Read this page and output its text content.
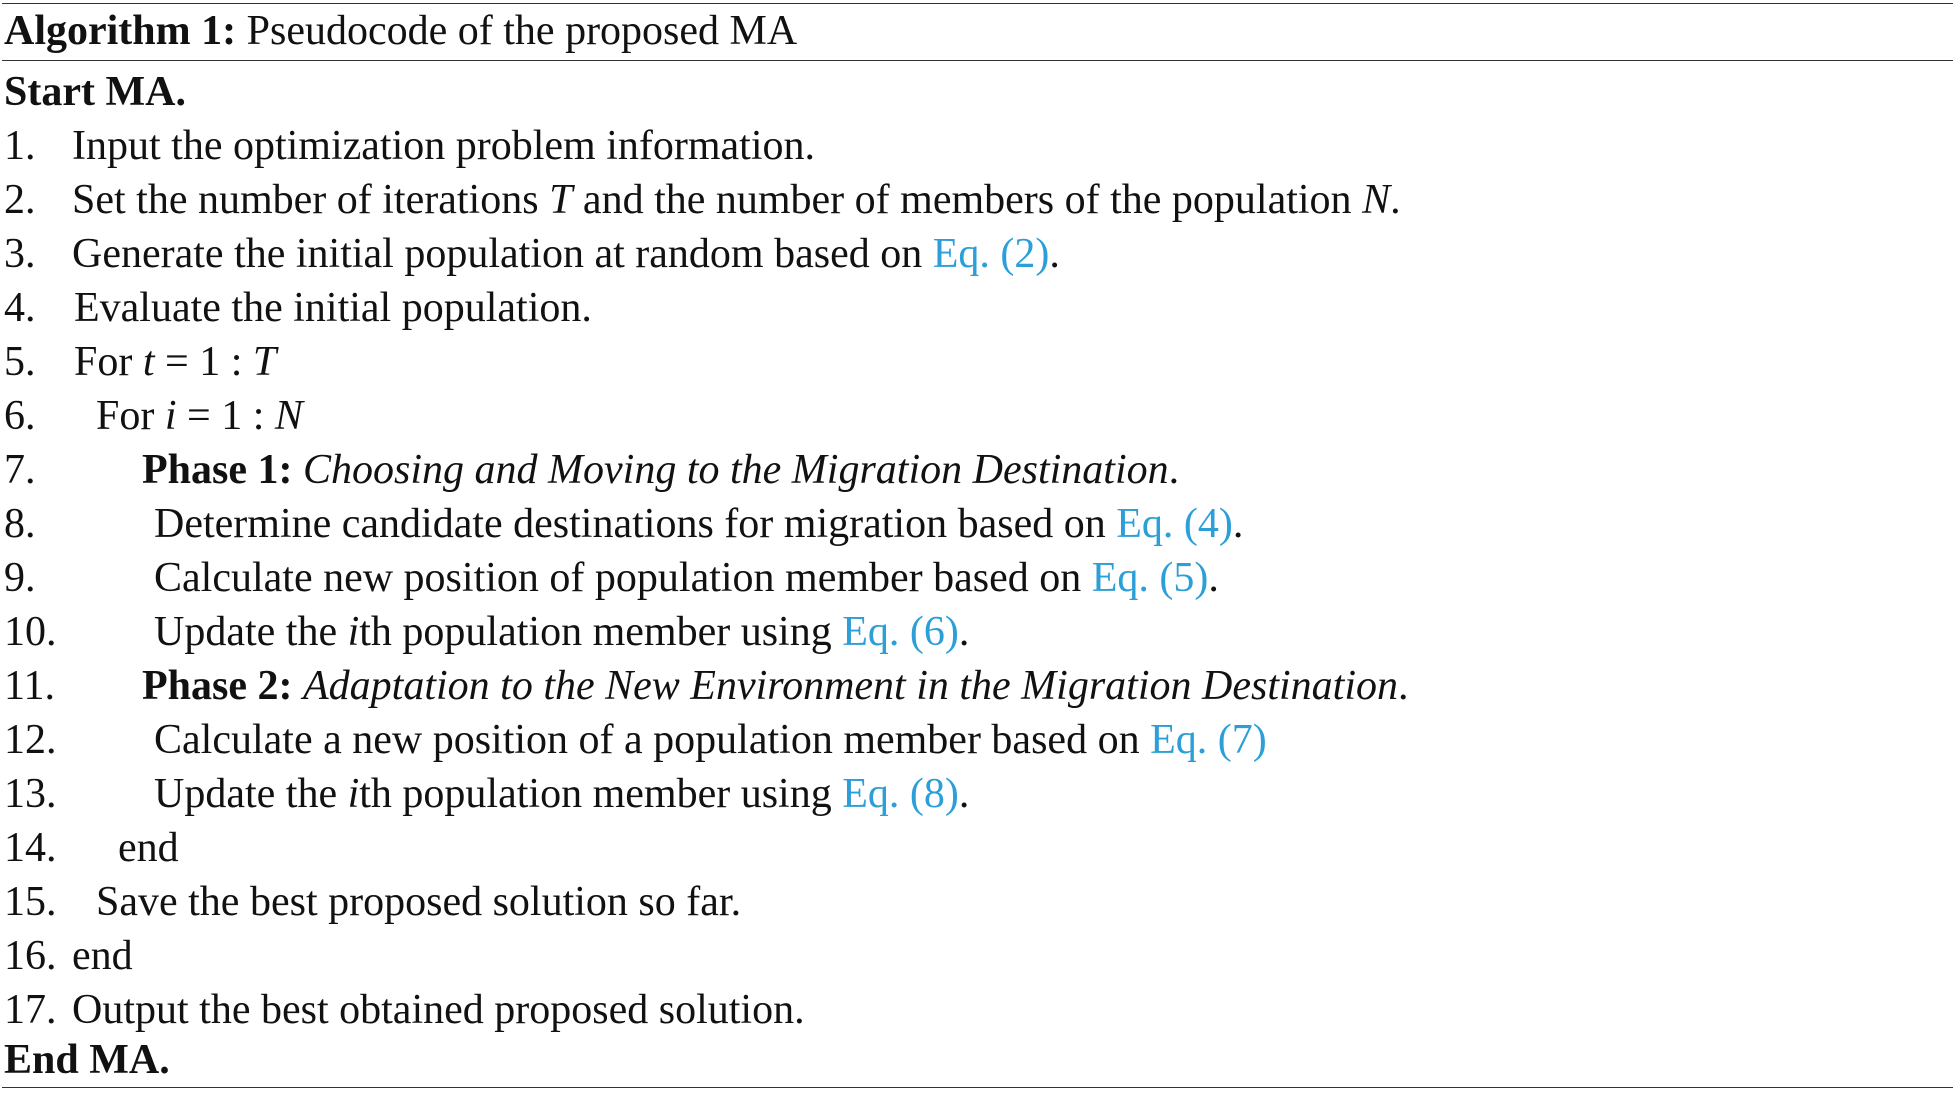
Algorithm 1: Pseudocode of the proposed MA
Start MA.
1. Input the optimization problem information.
2. Set the number of iterations T and the number of members of the population N.
3. Generate the initial population at random based on Eq. (2).
4. Evaluate the initial population.
5. For t = 1 : T
6. For i = 1 : N
7.	Phase 1: Choosing and Moving to the Migration Destination.
8.	Determine candidate destinations for migration based on Eq. (4).
9.	Calculate new position of population member based on Eq. (5).
10. Update the ith population member using Eq. (6).
11. Phase 2: Adaptation to the New Environment in the Migration Destination.
12. Calculate a new position of a population member based on Eq. (7)
13. Update the ith population member using Eq. (8).
14. end
15. Save the best proposed solution so far.
16. end
17. Output the best obtained proposed solution.
End MA.
